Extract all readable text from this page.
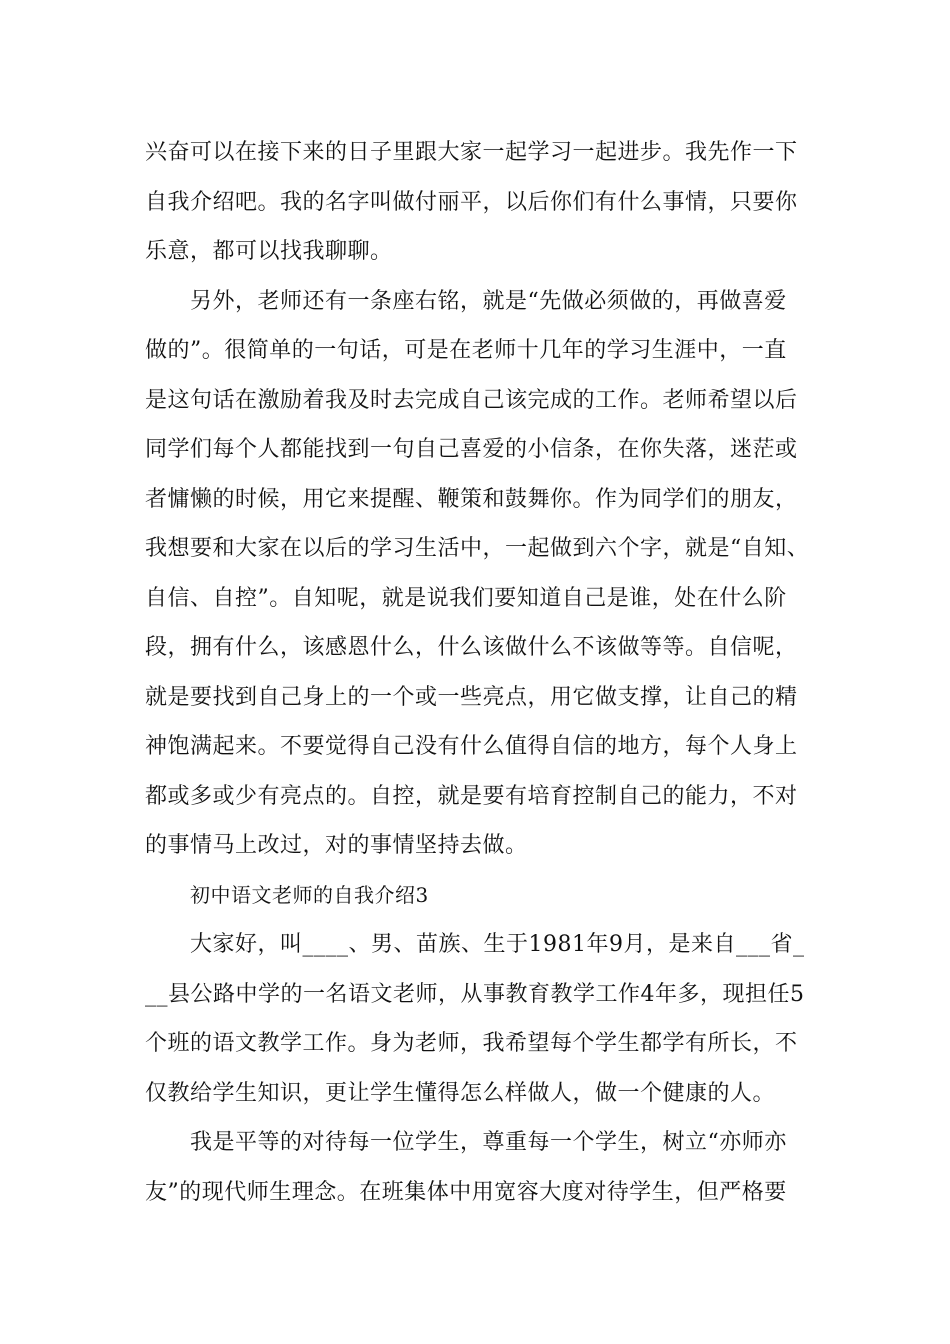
兴奋可以在接下来的日子里跟大家一起学习一起进步。我先作一下
自我介绍吧。我的名字叫做付丽平，以后你们有什么事情，只要你
乐意，都可以找我聊聊。
另外，老师还有一条座右铭，就是“先做必须做的，再做喜爱
做的”。很简单的一句话，可是在老师十几年的学习生涯中，一直
是这句话在激励着我及时去完成自己该完成的工作。老师希望以后
同学们每个人都能找到一句自己喜爱的小信条，在你失落，迷茫或
者慵懒的时候，用它来提醒、鞭策和鼓舞你。作为同学们的朋友，
我想要和大家在以后的学习生活中，一起做到六个字，就是“自知、
自信、自控”。自知呢，就是说我们要知道自己是谁，处在什么阶
段，拥有什么，该感恩什么，什么该做什么不该做等等。自信呢，
就是要找到自己身上的一个或一些亮点，用它做支撑，让自己的精
神饱满起来。不要觉得自己没有什么值得自信的地方，每个人身上
都或多或少有亮点的。自控，就是要有培育控制自己的能力，不对
的事情马上改过，对的事情坚持去做。
初中语文老师的自我介绍3
大家好，叫____、男、苗族、生于1981年9月，是来自___省_
__县公路中学的一名语文老师，从事教育教学工作4年多，现担任5
个班的语文教学工作。身为老师，我希望每个学生都学有所长，不
仅教给学生知识，更让学生懂得怎么样做人，做一个健康的人。
我是平等的对待每一位学生，尊重每一个学生，树立“亦师亦
友”的现代师生理念。在班集体中用宽容大度对待学生，但严格要
